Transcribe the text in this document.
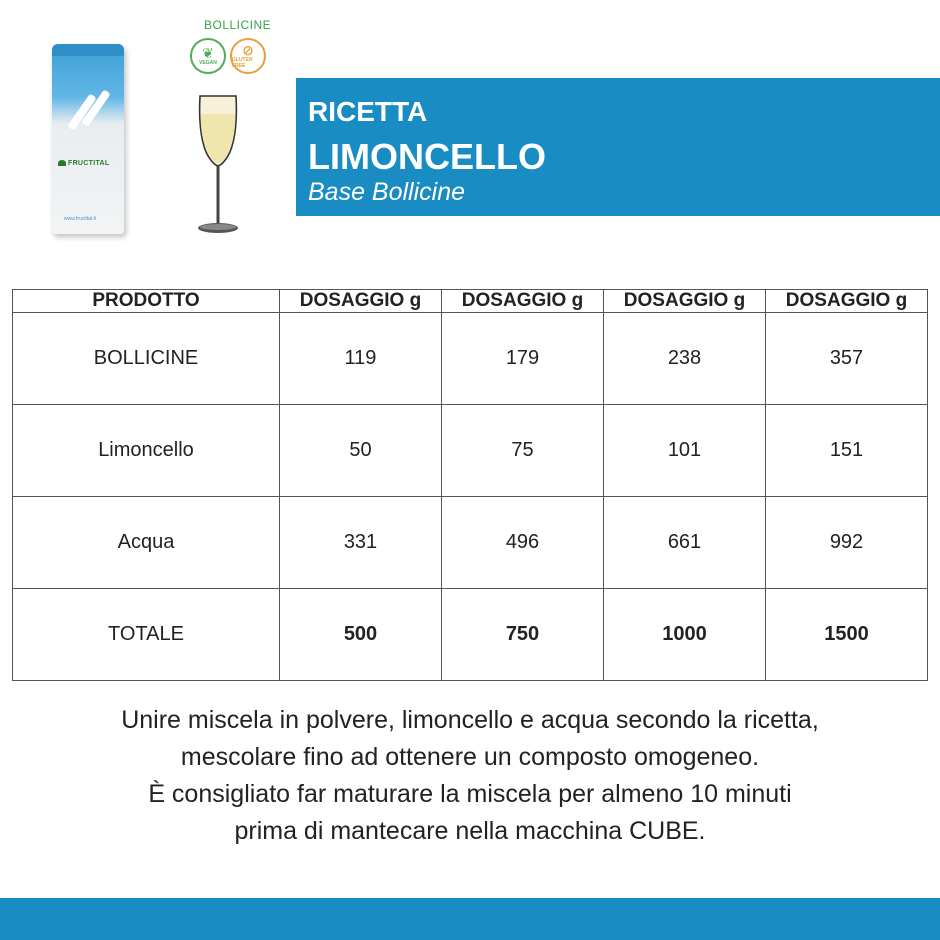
FRUCTITAL
www.fructital.it
BOLLICINE
❦
VEGAN
⊘
GLUTEN FREE
RICETTA
LIMONCELLO
Base Bollicine
PRODOTTO	DOSAGGIO g	DOSAGGIO g	DOSAGGIO g	DOSAGGIO g
BOLLICINE	119	179	238	357
Limoncello	50	75	101	151
Acqua	331	496	661	992
TOTALE	500	750	1000	1500
Unire miscela in polvere, limoncello e acqua secondo la ricetta,
mescolare fino ad ottenere un composto omogeneo.
È consigliato far maturare la miscela per almeno 10 minuti
prima di mantecare nella macchina CUBE.
